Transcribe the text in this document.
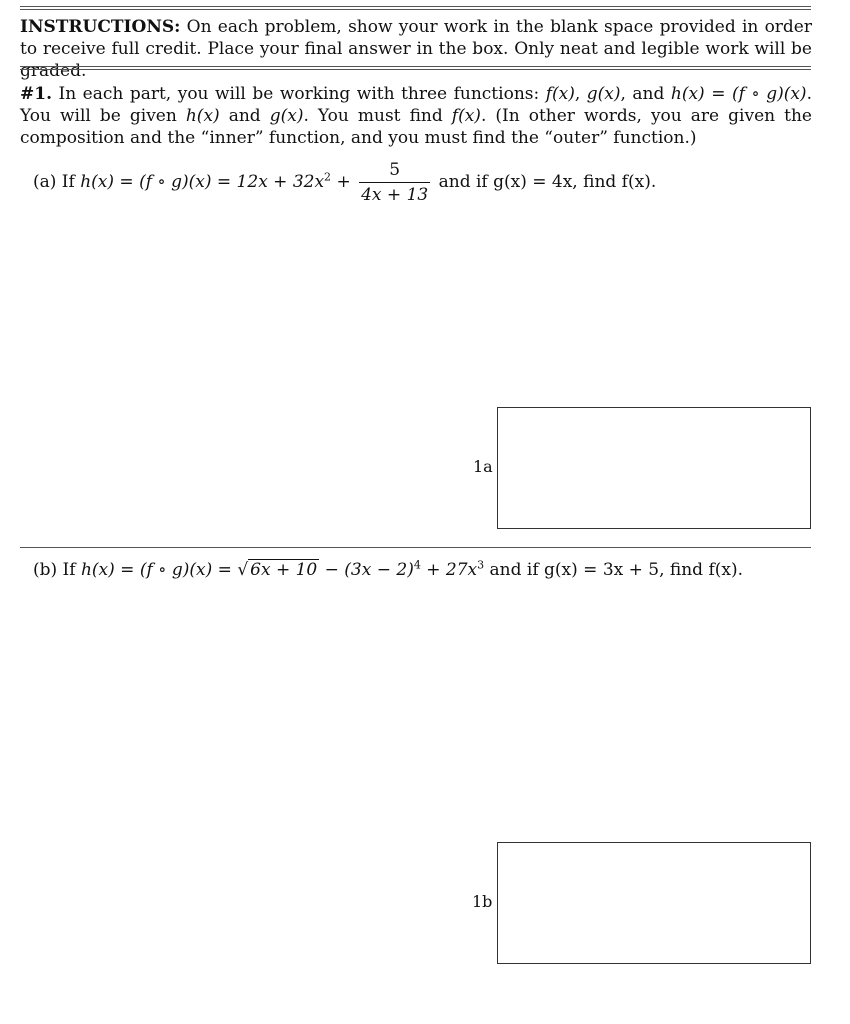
INSTRUCTIONS: On each problem, show your work in the blank space provided in order to receive full credit. Place your final answer in the box. Only neat and legible work will be graded.
#1. In each part, you will be working with three functions: f(x), g(x), and h(x) = (f ∘ g)(x). You will be given h(x) and g(x). You must find f(x). (In other words, you are given the composition and the “inner” function, and you must find the “outer” function.)
(a) If h(x) = (f ∘ $g)(x) = 12x + 32x^2 + \frac{5}{4x + 13}$ and if g(x) = 4x, find f(x).
1a
(b) If h(x) = (f ∘ g)(x) = √ $6x + 10 - (3x - 2)^4 + 27x^3$ and if g(x) = 3x + 5, find f(x).
1b
